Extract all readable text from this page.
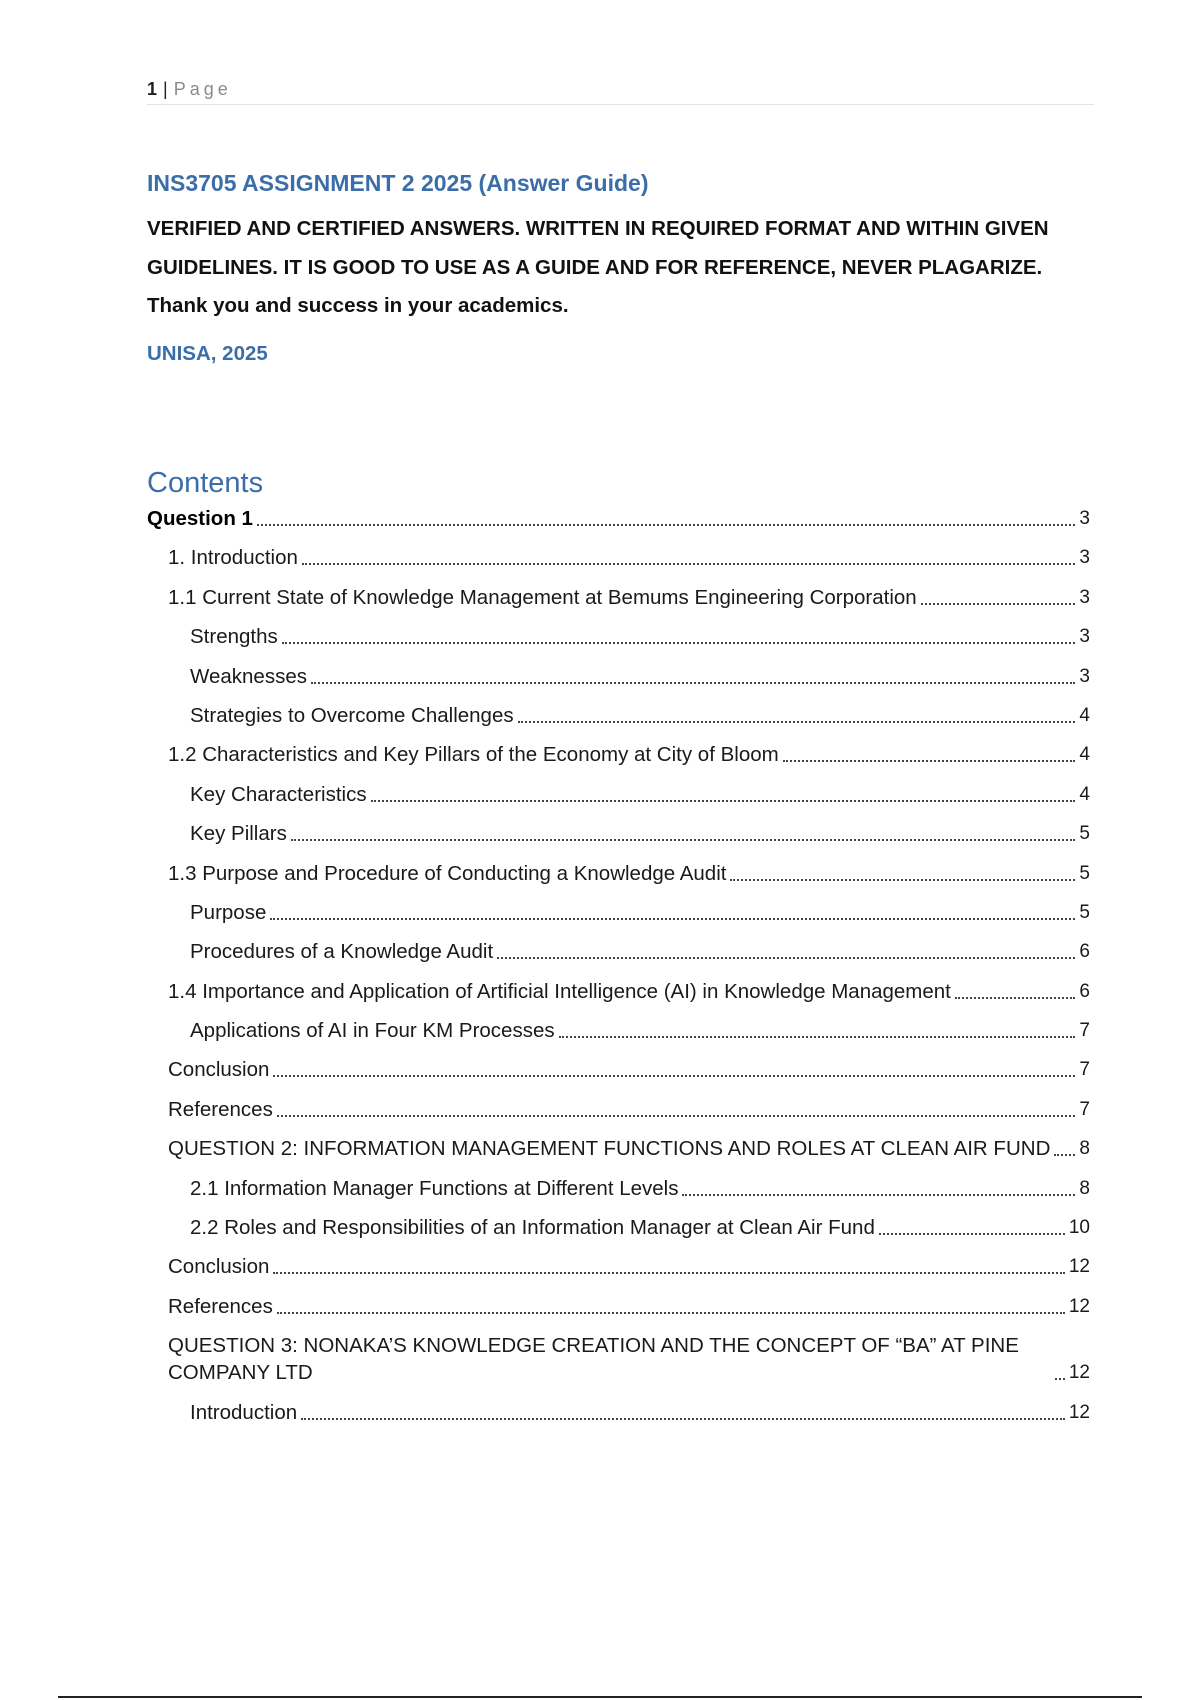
1 | Page
INS3705 ASSIGNMENT 2 2025 (Answer Guide)
VERIFIED AND CERTIFIED ANSWERS. WRITTEN IN REQUIRED FORMAT AND WITHIN GIVEN GUIDELINES. IT IS GOOD TO USE AS A GUIDE AND FOR REFERENCE, NEVER PLAGARIZE. Thank you and success in your academics.
UNISA, 2025
Contents
Question 1	3
1. Introduction	3
1.1 Current State of Knowledge Management at Bemums Engineering Corporation	3
Strengths	3
Weaknesses	3
Strategies to Overcome Challenges	4
1.2 Characteristics and Key Pillars of the Economy at City of Bloom	4
Key Characteristics	4
Key Pillars	5
1.3 Purpose and Procedure of Conducting a Knowledge Audit	5
Purpose	5
Procedures of a Knowledge Audit	6
1.4 Importance and Application of Artificial Intelligence (AI) in Knowledge Management	6
Applications of AI in Four KM Processes	7
Conclusion	7
References	7
QUESTION 2: INFORMATION MANAGEMENT FUNCTIONS AND ROLES AT CLEAN AIR FUND 8
2.1 Information Manager Functions at Different Levels	8
2.2 Roles and Responsibilities of an Information Manager at Clean Air Fund	10
Conclusion	12
References	12
QUESTION 3: NONAKA’S KNOWLEDGE CREATION AND THE CONCEPT OF “BA” AT PINE COMPANY LTD	12
Introduction	12
